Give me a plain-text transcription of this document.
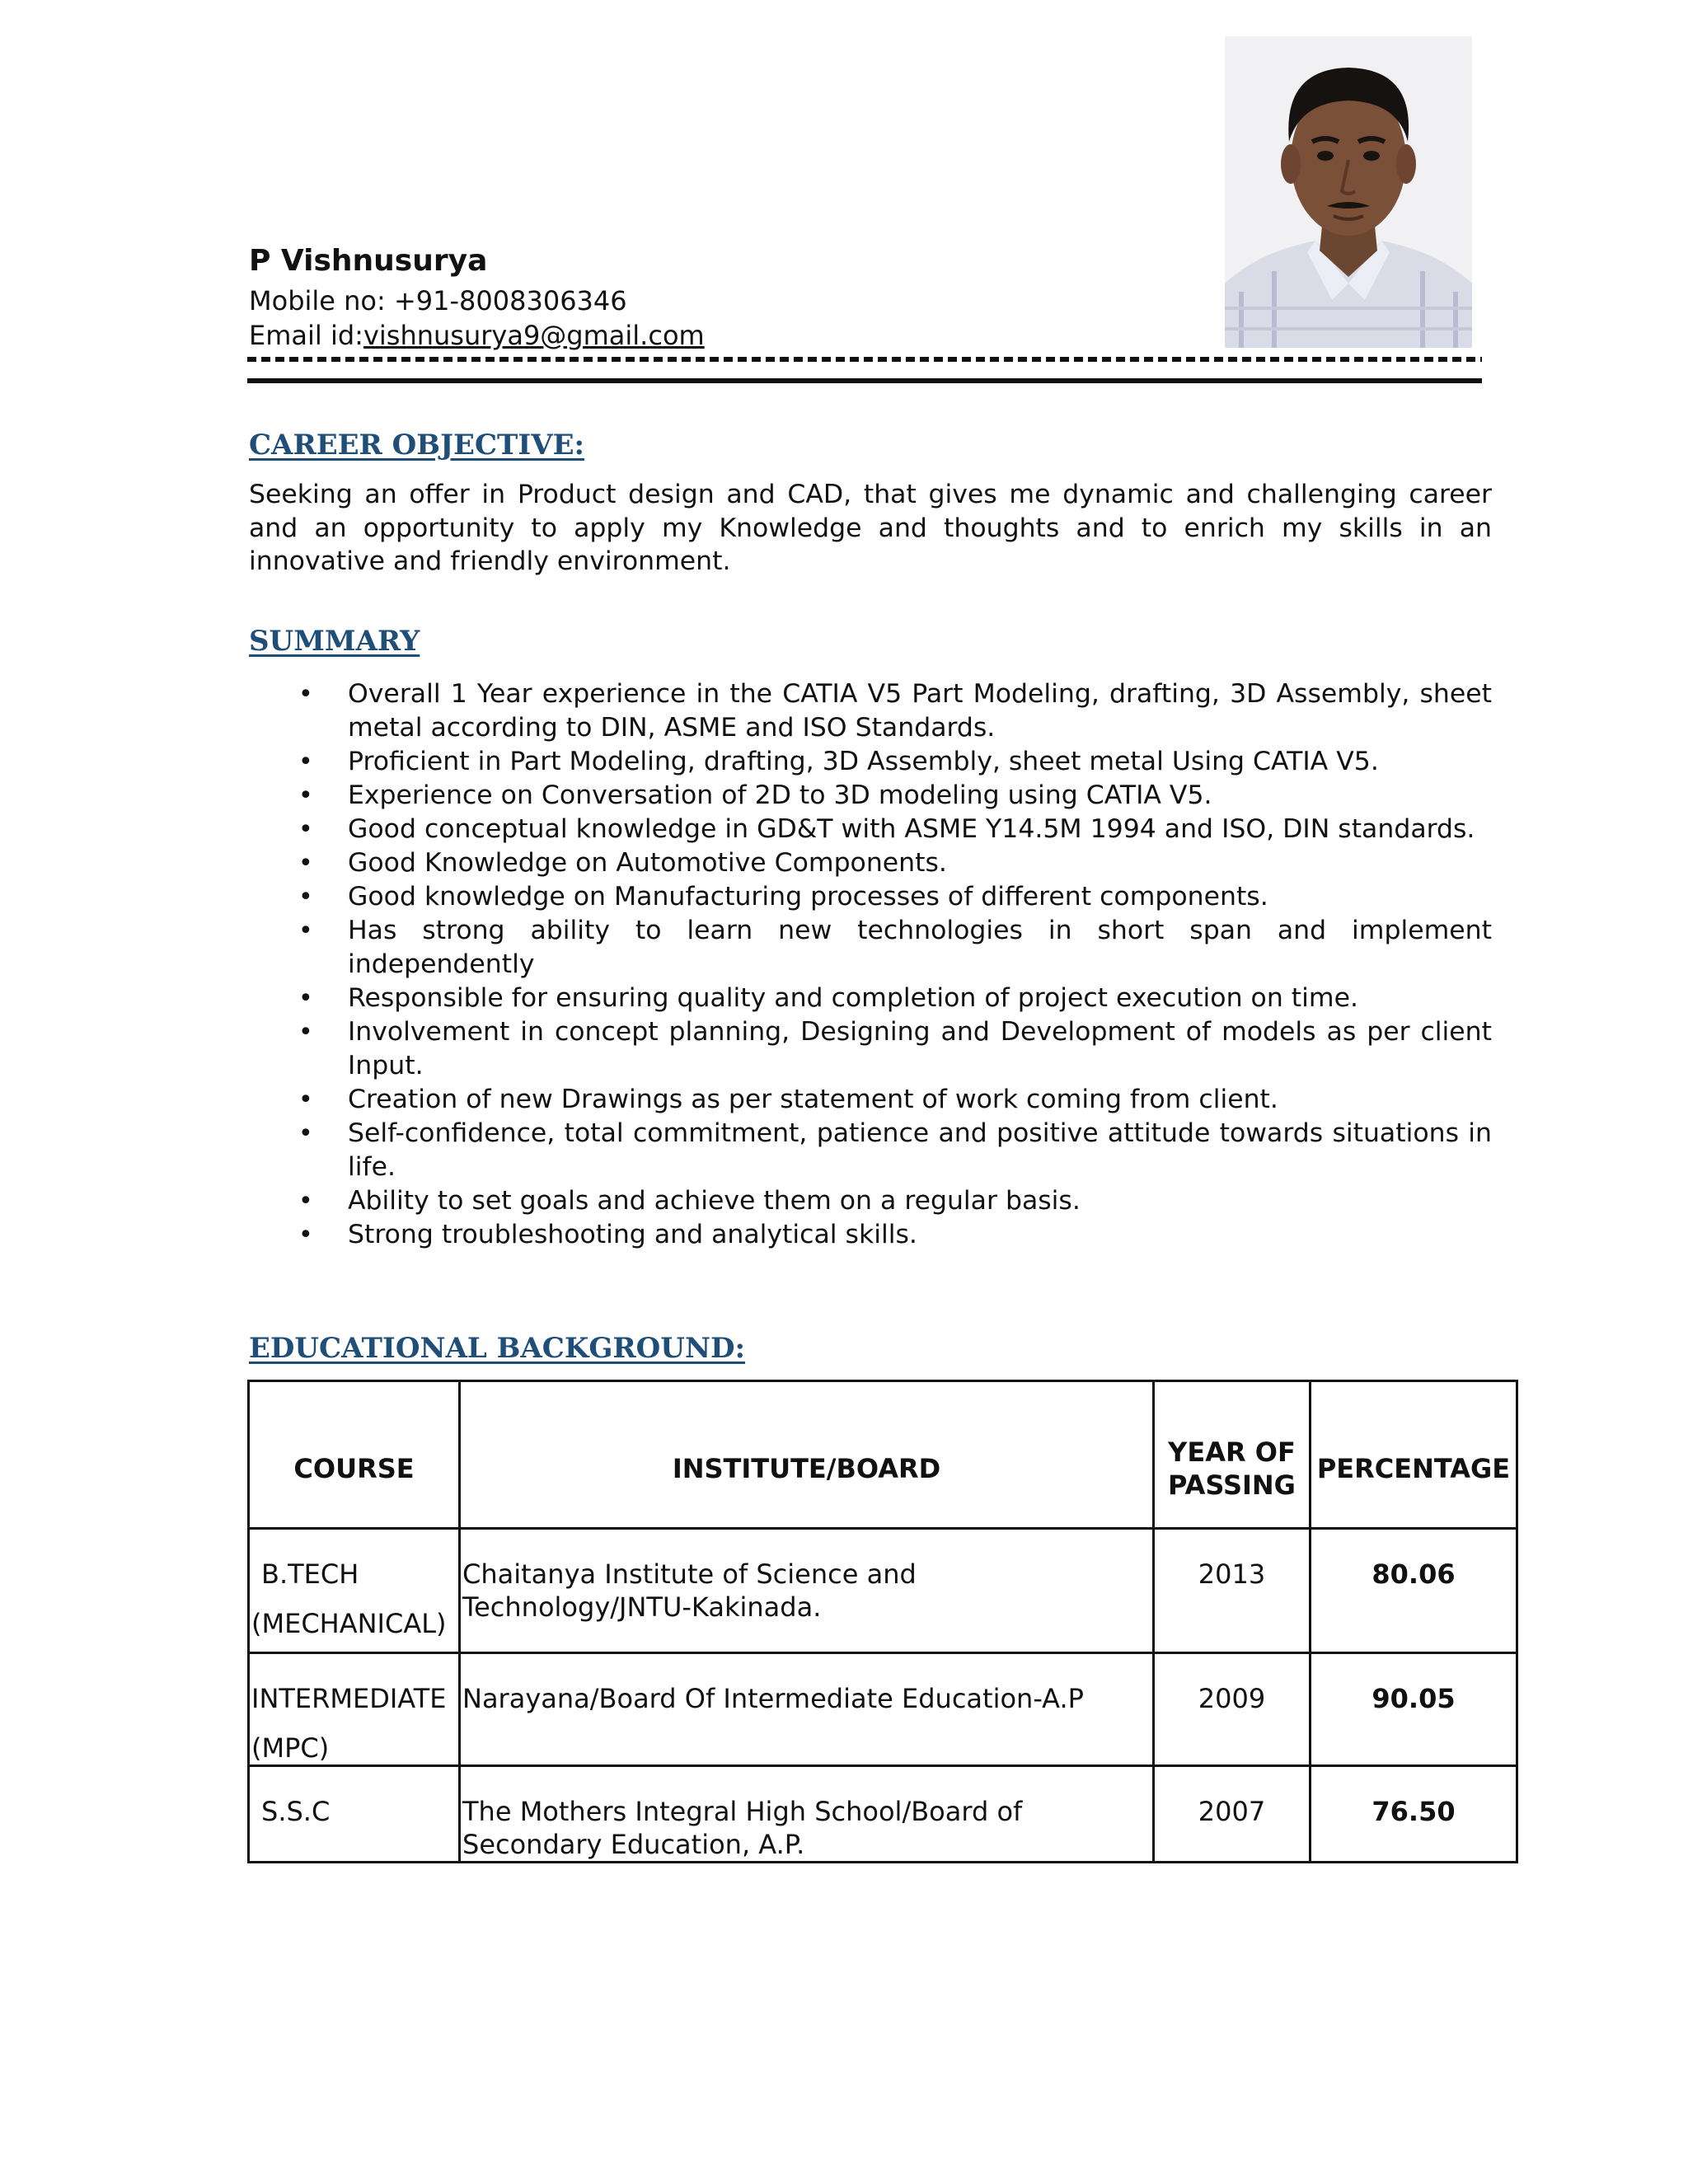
P Vishnusurya
Mobile no: +91-8008306346
Email id:vishnusurya9@gmail.com
CAREER OBJECTIVE:
Seeking an offer in Product design and CAD, that gives me dynamic and challenging career and an opportunity to apply my Knowledge and thoughts and to enrich my skills in an innovative and friendly environment.
SUMMARY
• Overall 1 Year experience in the CATIA V5 Part Modeling, drafting, 3D Assembly, sheet metal according to DIN, ASME and ISO Standards.
• Proficient in Part Modeling, drafting, 3D Assembly, sheet metal Using CATIA V5.
• Experience on Conversation of 2D to 3D modeling using CATIA V5.
• Good conceptual knowledge in GD&T with ASME Y14.5M 1994 and ISO, DIN standards.
• Good Knowledge on Automotive Components.
• Good knowledge on Manufacturing processes of different components.
• Has strong ability to learn new technologies in short span and implement independently
• Responsible for ensuring quality and completion of project execution on time.
• Involvement in concept planning, Designing and Development of models as per client Input.
• Creation of new Drawings as per statement of work coming from client.
• Self-confidence, total commitment, patience and positive attitude towards situations in life.
• Ability to set goals and achieve them on a regular basis.
• Strong troubleshooting and analytical skills.
EDUCATIONAL BACKGROUND:
COURSE	INSTITUTE/BOARD	YEAR OF PASSING	PERCENTAGE

B.TECH
(MECHANICAL)	Chaitanya Institute of Science and Technology/JNTU-Kakinada.	2013	80.06

INTERMEDIATE
(MPC)	Narayana/Board Of Intermediate Education-A.P	2009	90.05

S.S.C	The Mothers Integral High School/Board of Secondary Education, A.P.	2007	76.50
